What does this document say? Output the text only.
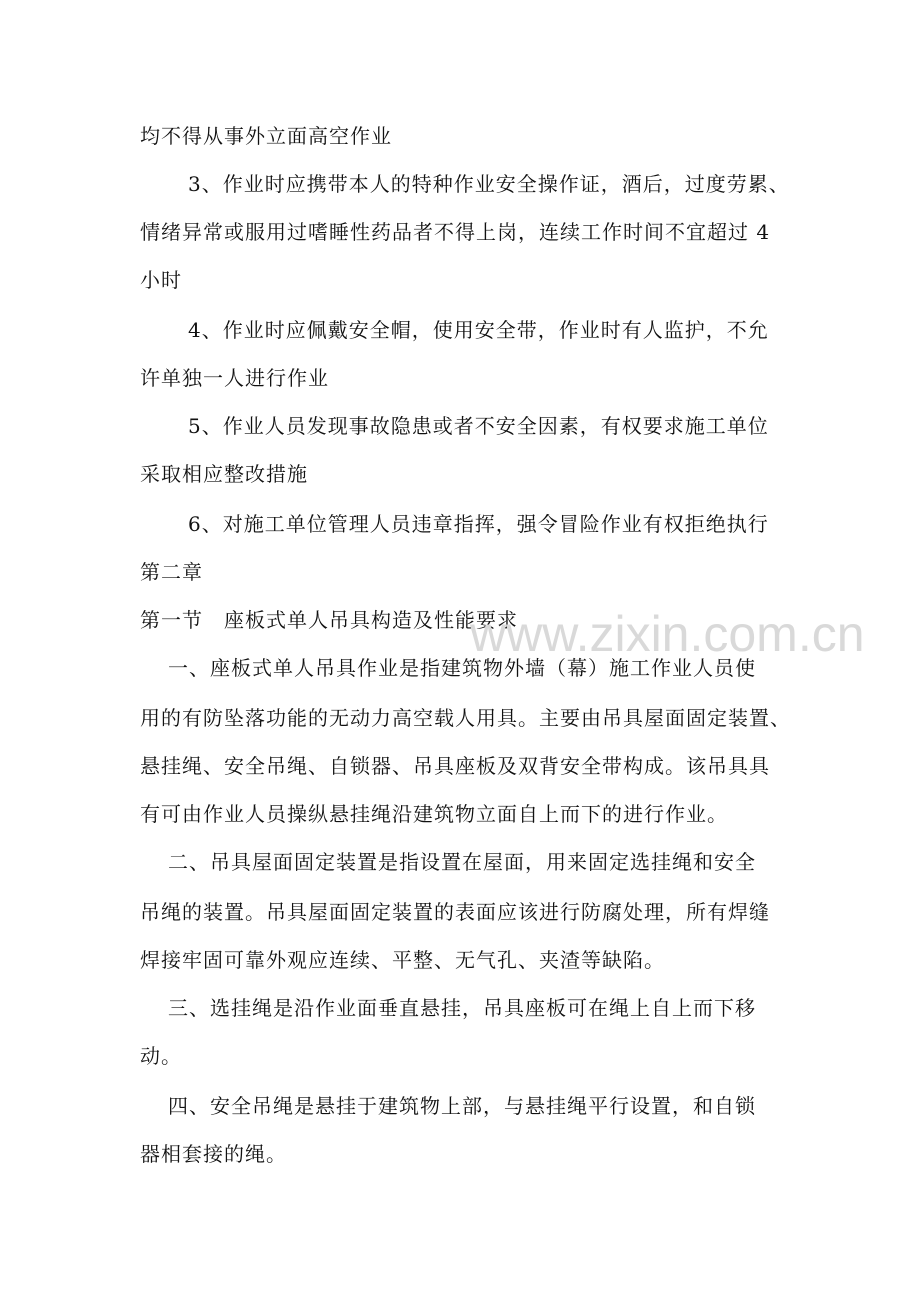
均不得从事外立面高空作业
3、作业时应携带本人的特种作业安全操作证，酒后，过度劳累、
情绪异常或服用过嗜睡性药品者不得上岗，连续工作时间不宜超过 4
小时
4、作业时应佩戴安全帽，使用安全带，作业时有人监护，不允
许单独一人进行作业
5、作业人员发现事故隐患或者不安全因素，有权要求施工单位
采取相应整改措施
6、对施工单位管理人员违章指挥，强令冒险作业有权拒绝执行
第二章
第一节　座板式单人吊具构造及性能要求
一、座板式单人吊具作业是指建筑物外墙（幕）施工作业人员使
用的有防坠落功能的无动力高空载人用具。主要由吊具屋面固定装置、
悬挂绳、安全吊绳、自锁器、吊具座板及双背安全带构成。该吊具具
有可由作业人员操纵悬挂绳沿建筑物立面自上而下的进行作业。
二、吊具屋面固定装置是指设置在屋面，用来固定选挂绳和安全
吊绳的装置。吊具屋面固定装置的表面应该进行防腐处理，所有焊缝
焊接牢固可靠外观应连续、平整、无气孔、夹渣等缺陷。
三、选挂绳是沿作业面垂直悬挂，吊具座板可在绳上自上而下移
动。
四、安全吊绳是悬挂于建筑物上部，与悬挂绳平行设置，和自锁
器相套接的绳。
www.zixin.com.cn
